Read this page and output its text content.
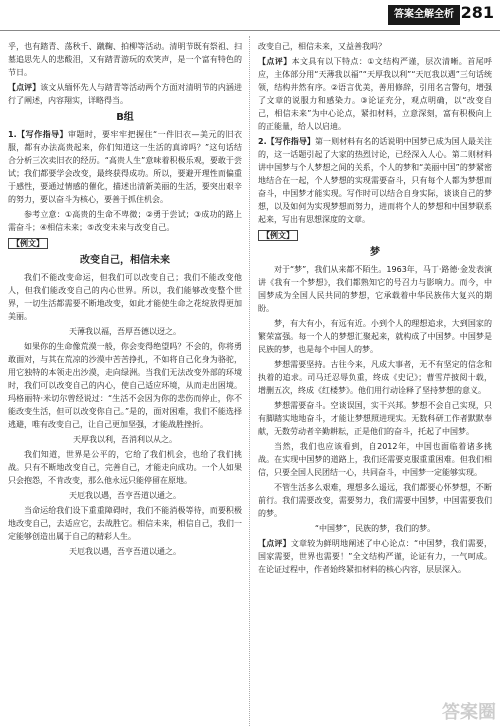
答案全解全析 281

乎，也有踏青、荡秋千、蹴鞠、拍柳等活动。清明节既有祭祖、扫墓追思先人的悲酸泪，又有踏青游玩的欢笑声，是一个富有特色的节日。

【点评】该文从缅怀先人与踏青等活动两个方面对清明节的内涵进行了阐述，内容翔实，详略得当。

B组

1.【写作指导】审题时，要牢牢把握住“一件旧衣—美元的旧衣服，都有办法高贵起来，你们知道这一生活的真谛吗？”这句话结合分析三次卖旧衣的经历。“高贵人生”意味着积极乐观，要敢于尝试；我们都要学会改变，最终获得成功。所以，要避开理性而偏重于感性，要通过情感的催化，描述出清新美丽的生活，要突出艰辛的努力，要以奋斗为核心，要善于抓住机会。

参考立意：①高贵的生命不卑微；②勇于尝试；③成功的路上需奋斗；④相信未来；⑤改变未来与改变自己。

【例文】
改变自己，相信未来

我们不能改变命运，但我们可以改变自己；我们不能改变他人，但我们能改变自己的内心世界。所以，我们能够改变整个世界，一切生活都需要不断地改变，如此才能使生命之花绽放得更加美丽。

天薄我以福，吾厚吾德以迓之。

如果你的生命像荒漠一般，你会变得绝望吗？不会的，你将勇敢面对，与其在荒凉的沙漠中苦苦挣扎，不如将自己化身为骆驼，用它独特的本领走出沙漠，走向绿洲。当我们无法改变外部的环境时，我们可以改变自己的内心，使自己适应环境，从而走出困境。玛格丽特·米切尔曾经说过：“生活不会因为你的悲伤而停止，你不能改变生活，但可以改变你自己。”是的，面对困难，我们不能选择逃避，唯有改变自己，让自己更加坚强，才能战胜挫折。

天厚我以利，吾消利以从之。

我们知道，世界是公平的，它给了我们机会，也给了我们挑战。只有不断地改变自己，完善自己，才能走向成功。一个人如果只会抱怨，不肯改变，那么他永远只能停留在原地。

天厄我以遇，吾亨吾道以通之。

当命运给我们设下重重障碍时，我们不能消极等待，而要积极地改变自己，去适应它，去战胜它。相信未来，相信自己，我们一定能够创造出属于自己的精彩人生。

天厄我以遇，吾亨吾道以通之。

改变自己，相信未来，又益善我吗？

【点评】本文具有以下特点：①文结构严谨，层次清晰。首尾呼应，主体部分用“天薄我以福”“天厚我以利”“天厄我以遇”三句话统领，结构井然有序。②语言优美，善用修辞，引用名言警句，增强了文章的说服力和感染力。③论证充分，观点明确，以“改变自己，相信未来”为中心论点，紧扣材料，立意深刻，富有积极向上的正能量，给人以启迪。

2.【写作指导】第一则材料有名的话说明中国梦已成为国人最关注的，这一话题引起了大家的热烈讨论，已经深入人心。第二则材料讲中国梦与个人梦想之间的关系，个人的梦和“美丽中国”的梦紧密地结合在一起，个人梦想的实现需要奋斗，只有每个人都为梦想而奋斗，中国梦才能实现。写作时可以结合自身实际，谈谈自己的梦想，以及如何为实现梦想而努力，进而将个人的梦想和中国梦联系起来，写出有思想深度的文章。

【例文】
梦

对于“梦”，我们从来都不陌生。1963年，马丁·路德·金发表演讲《我有一个梦想》，我们都熟知它的号召力与影响力。而今，中国梦成为全国人民共同的梦想，它承载着中华民族伟大复兴的期盼。

梦，有大有小，有远有近。小到个人的理想追求，大到国家的繁荣富强。每一个人的梦想汇聚起来，就构成了中国梦。中国梦是民族的梦，也是每个中国人的梦。

梦想需要坚持。古往今来，凡成大事者，无不有坚定的信念和执着的追求。司马迁忍辱负重，终成《史记》；曹雪芹披阅十载，增删五次，终成《红楼梦》。他们用行动诠释了坚持梦想的意义。

梦想需要奋斗。空谈误国，实干兴邦。梦想不会自己实现，只有脚踏实地地奋斗，才能让梦想照进现实。无数科研工作者默默奉献，无数劳动者辛勤耕耘，正是他们的奋斗，托起了中国梦。

当然，我们也应该看到，自2012年，中国也面临着诸多挑战。在实现中国梦的道路上，我们还需要克服重重困难。但我们相信，只要全国人民团结一心，共同奋斗，中国梦一定能够实现。

不管生活多么艰难，理想多么遥远，我们都要心怀梦想，不断前行。我们需要改变，需要努力，我们需要中国梦，中国需要我们的梦。

“中国梦”，民族的梦，我们的梦。

【点评】文章较为鲜明地阐述了中心论点：“中国梦，我们需要，国家需要，世界也需要！”全文结构严谨，论证有力，一气呵成。在论证过程中，作者始终紧扣材料的核心内容，层层深入。

答案圈
